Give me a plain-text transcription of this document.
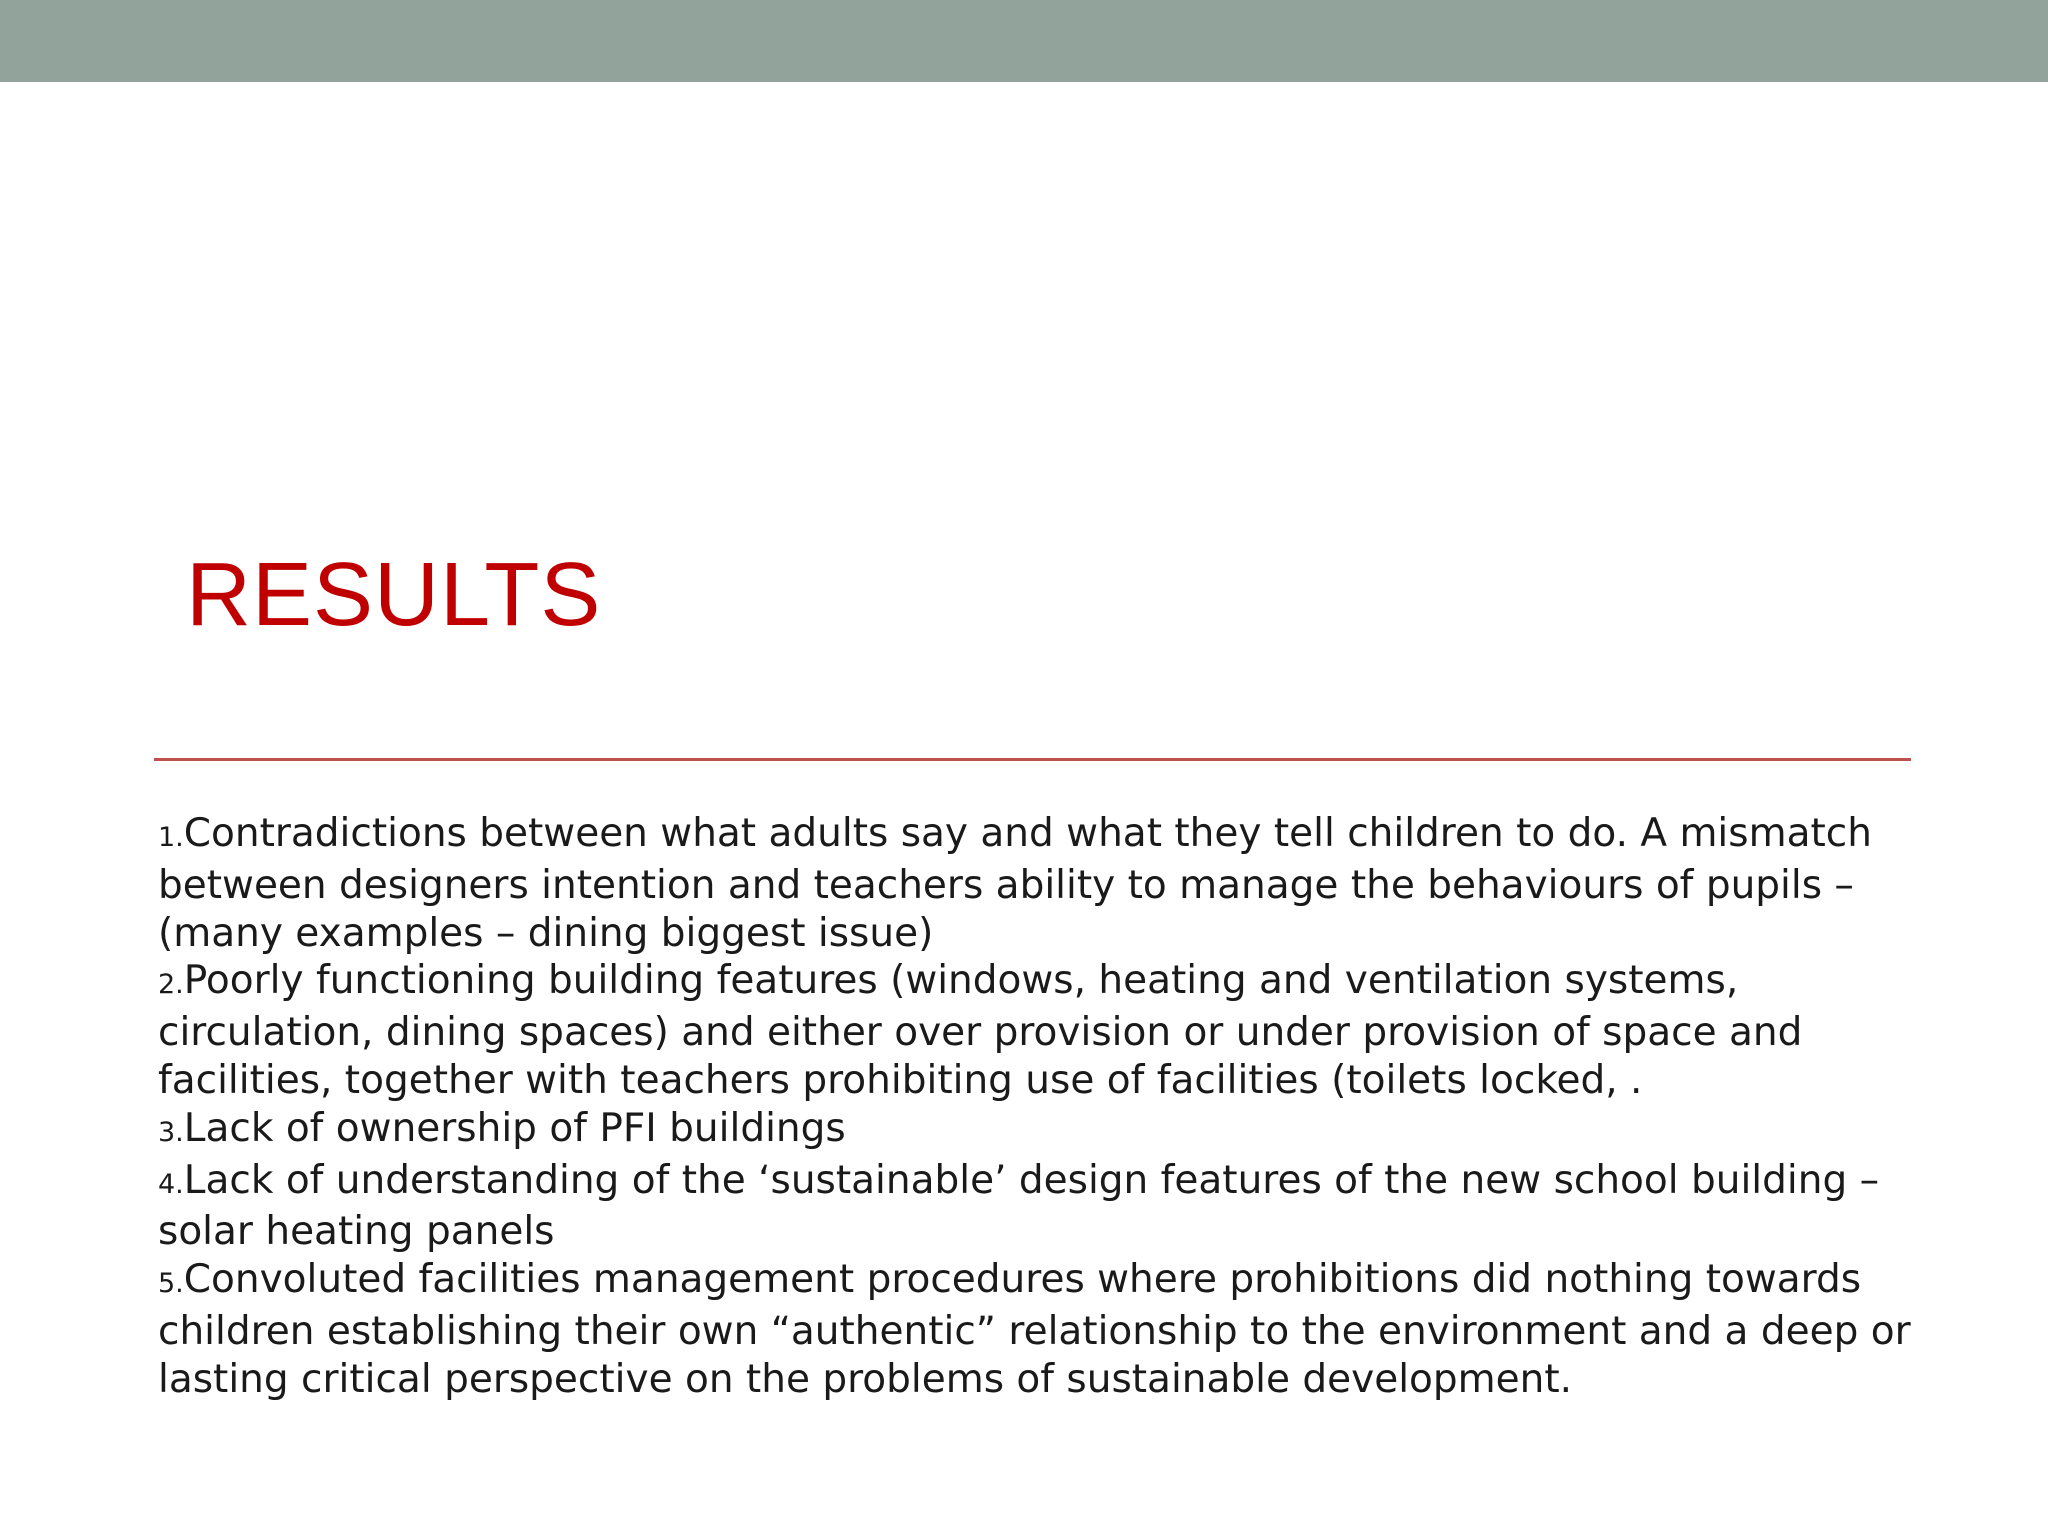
RESULTS
1.Contradictions between what adults say and what they tell children to do. A mismatch between designers intention and teachers ability to manage the behaviours of pupils – (many examples – dining biggest issue)
2.Poorly functioning building features (windows, heating and ventilation systems, circulation, dining spaces) and either over provision or under provision of space and facilities, together with teachers prohibiting use of facilities (toilets locked, .
3.Lack of ownership of PFI buildings
4.Lack of understanding of the ‘sustainable’ design features of the new school building – solar heating panels
5.Convoluted facilities management procedures where prohibitions did nothing towards children establishing their own “authentic” relationship to the environment and a deep or lasting critical perspective on the problems of sustainable development.
